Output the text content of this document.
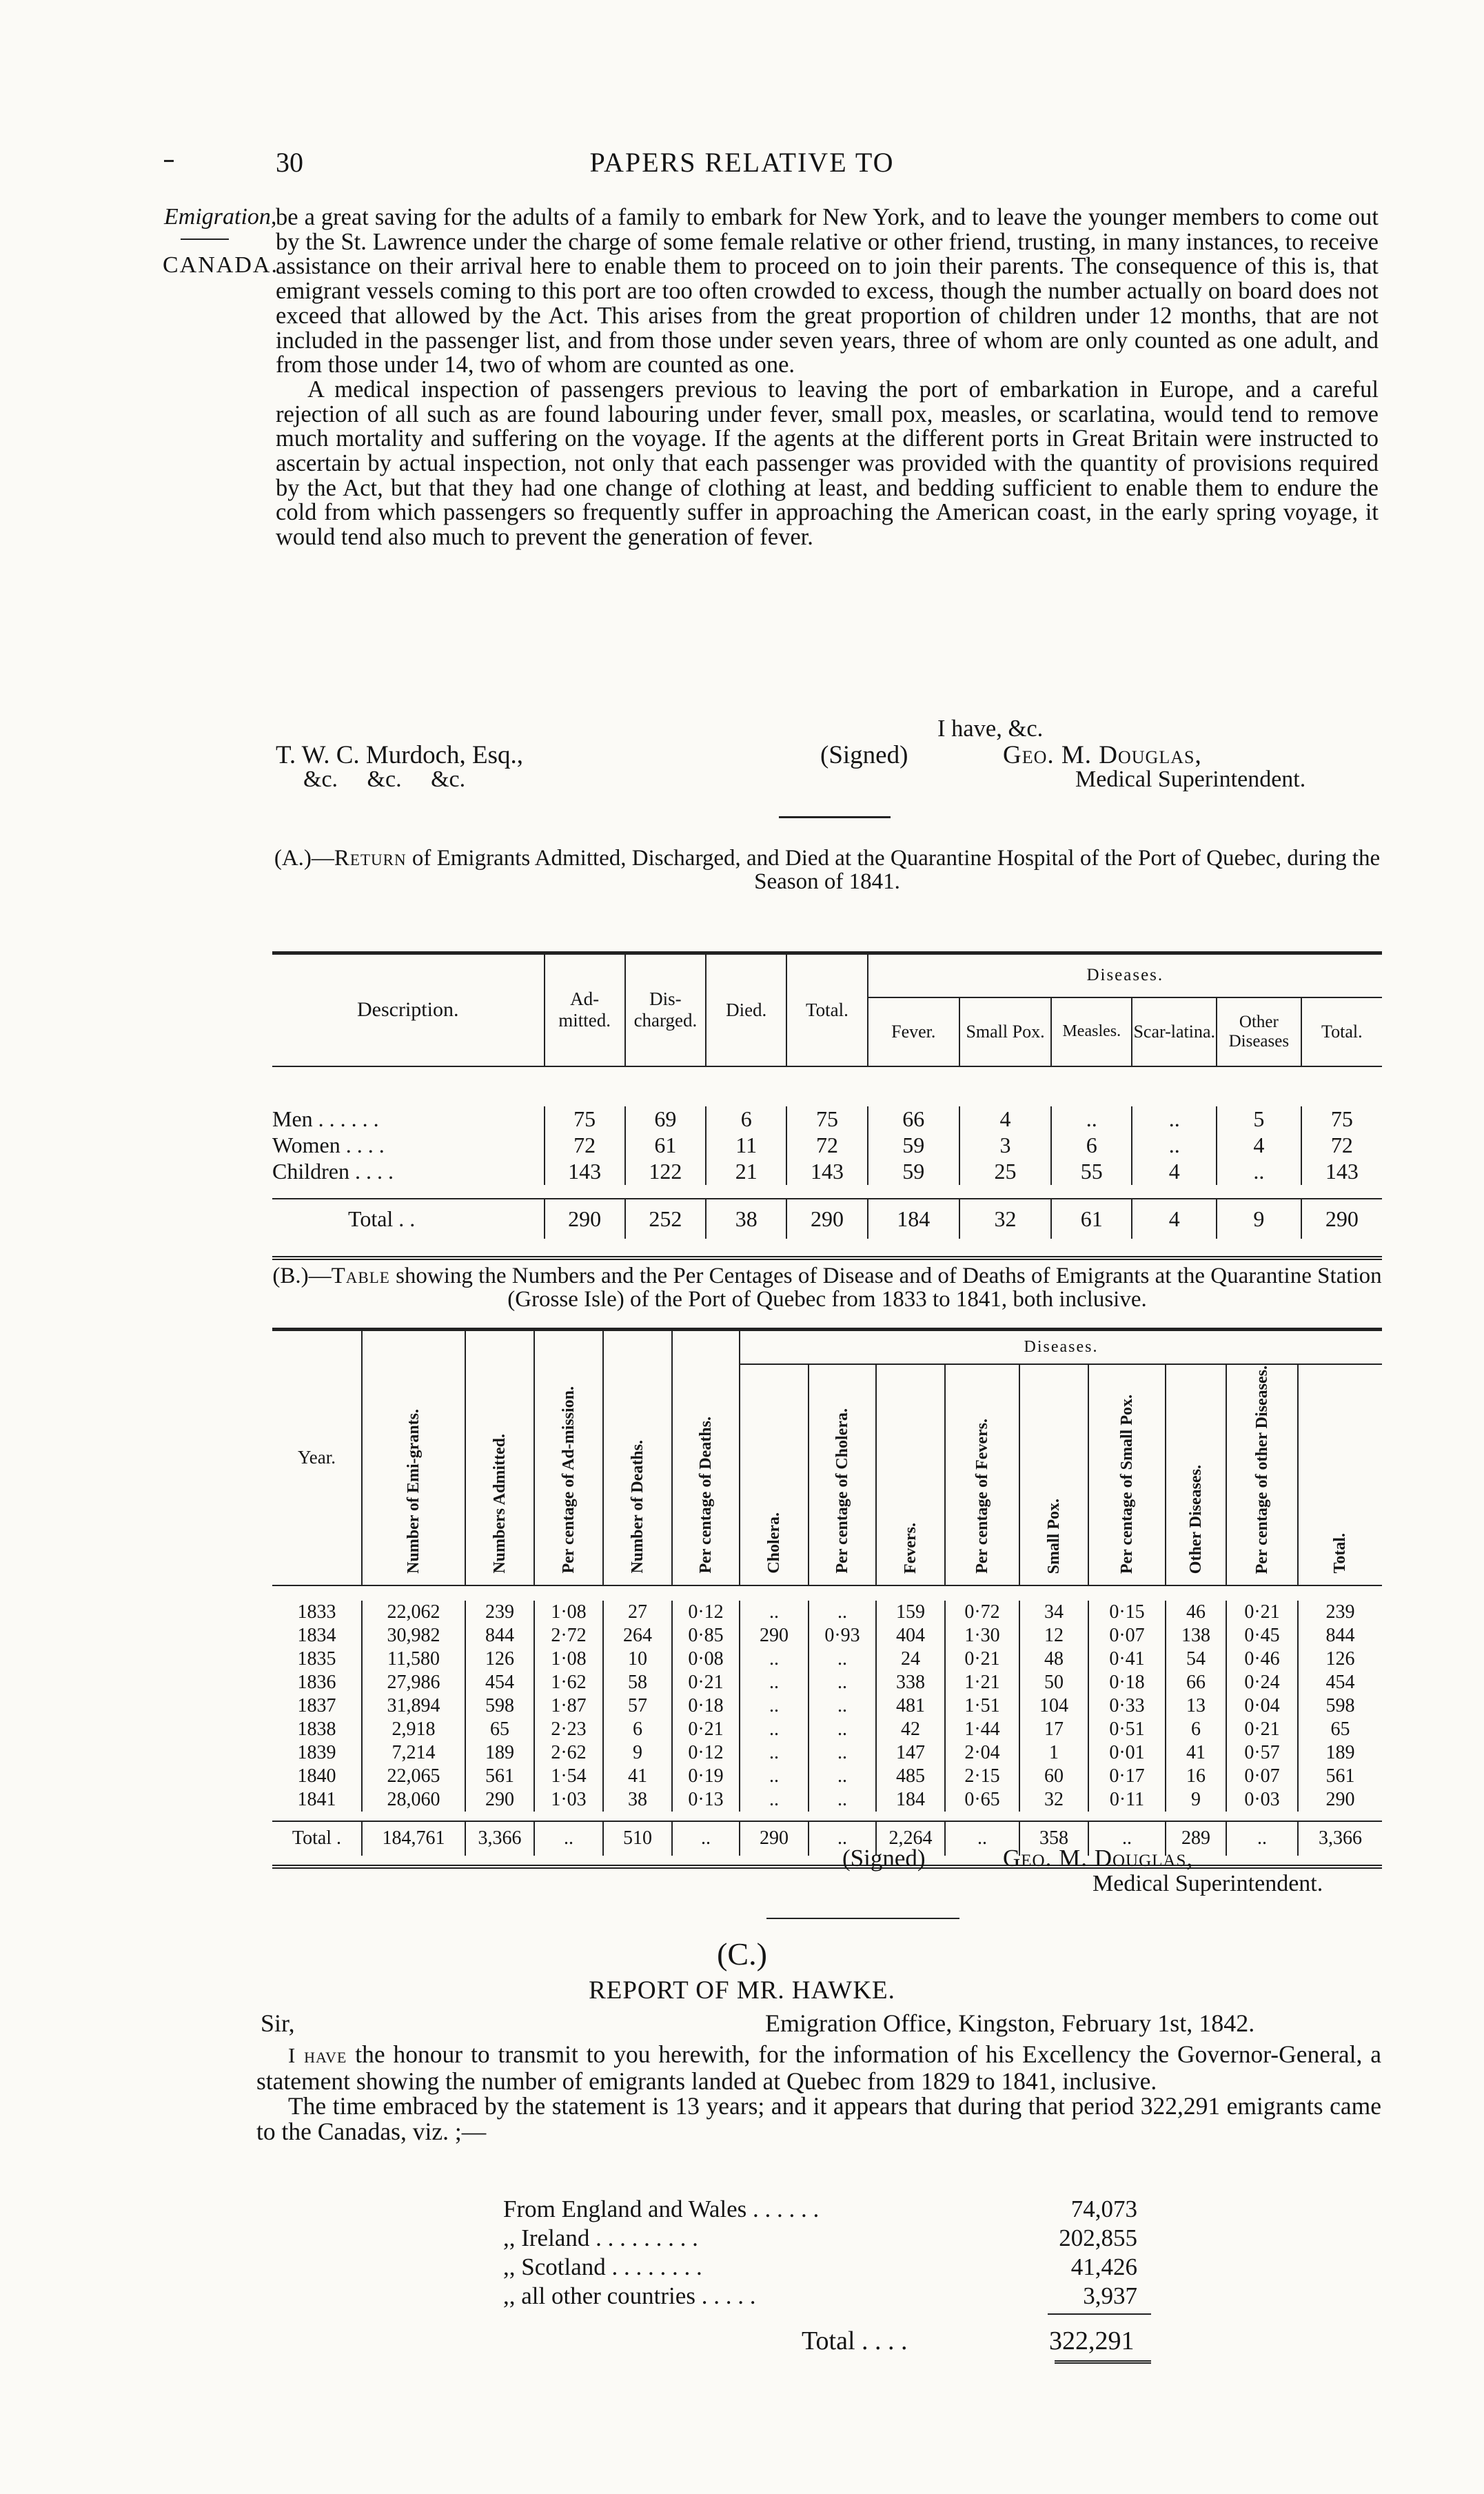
30	PAPERS RELATIVE TO
Emigration,
CANADA.

be a great saving for the adults of a family to embark for New York, and to leave the younger members to come out by the St. Lawrence under the charge of some female relative or other friend, trusting, in many instances, to receive assistance on their arrival here to enable them to proceed on to join their parents. The consequence of this is, that emigrant vessels coming to this port are too often crowded to excess, though the number actually on board does not exceed that allowed by the Act. This arises from the great proportion of children under 12 months, that are not included in the passenger list, and from those under seven years, three of whom are only counted as one adult, and from those under 14, two of whom are counted as one.

A medical inspection of passengers previous to leaving the port of embarkation in Europe, and a careful rejection of all such as are found labouring under fever, small pox, measles, or scarlatina, would tend to remove much mortality and suffering on the voyage. If the agents at the different ports in Great Britain were instructed to ascertain by actual inspection, not only that each passenger was provided with the quantity of provisions required by the Act, but that they had one change of clothing at least, and bedding sufficient to enable them to endure the cold from which passengers so frequently suffer in approaching the American coast, in the early spring voyage, it would tend also much to prevent the generation of fever.

I have, &c.
T. W. C. Murdoch, Esq.,
&c.     &c.     &c.
(Signed)	Geo. M. Douglas,
Medical Superintendent.
(A.)—Return of Emigrants Admitted, Discharged, and Died at the Quarantine Hospital of the Port of Quebec, during the Season of 1841.
Description.	Ad-mitted.	Dis-charged.	Died.	Total.	Diseases.					
					Fever.	Small Pox.	Measles.	Scar-latina.	Other Diseases	Total.

Men . . . . . .	75	69	6	75	66	4	..	..	5	75
Women . . . .	72	61	11	72	59	3	6	..	4	72
Children . . . .	143	122	21	143	59	25	55	4	..	143

Total . .	290	252	38	290	184	32	61	4	9	290

(B.)—Table showing the Numbers and the Per Centages of Disease and of Deaths of Emigrants at the Quarantine Station (Grosse Isle) of the Port of Quebec from 1833 to 1841, both inclusive.
Year.	Number of Emi-grants.	Numbers Admitted.	Per centage of Ad-mission.	Number of Deaths.	Per centage of Deaths.	Diseases.								
						Cholera.	Per centage of Cholera.	Fevers.	Per centage of Fevers.	Small Pox.	Per centage of Small Pox.	Other Diseases.	Per centage of other Diseases.	Total.

1833	22,062	239	1·08	27	0·12	..	..	159	0·72	34	0·15	46	0·21	239
1834	30,982	844	2·72	264	0·85	290	0·93	404	1·30	12	0·07	138	0·45	844
1835	11,580	126	1·08	10	0·08	..	..	24	0·21	48	0·41	54	0·46	126
1836	27,986	454	1·62	58	0·21	..	..	338	1·21	50	0·18	66	0·24	454
1837	31,894	598	1·87	57	0·18	..	..	481	1·51	104	0·33	13	0·04	598
1838	2,918	65	2·23	6	0·21	..	..	42	1·44	17	0·51	6	0·21	65
1839	7,214	189	2·62	9	0·12	..	..	147	2·04	1	0·01	41	0·57	189
1840	22,065	561	1·54	41	0·19	..	..	485	2·15	60	0·17	16	0·07	561
1841	28,060	290	1·03	38	0·13	..	..	184	0·65	32	0·11	9	0·03	290

Total .	184,761	3,366	..	510	..	290	..	2,264	..	358	..	289	..	3,366

(Signed)	Geo. M. Douglas,
Medical Superintendent.
(C.)
REPORT OF MR. HAWKE.
Sir,	Emigration Office, Kingston, February 1st, 1842.

I have the honour to transmit to you herewith, for the information of his Excellency the Governor-General, a statement showing the number of emigrants landed at Quebec from 1829 to 1841, inclusive.

The time embraced by the statement is 13 years; and it appears that during that period 322,291 emigrants came to the Canadas, viz. ;—

From England and Wales . . . . . .	74,073
,, Ireland . . . . . . . . .	202,855
,, Scotland . . . . . . . .	41,426
,, all other countries . . . . .	3,937
Total . . . .	322,291
